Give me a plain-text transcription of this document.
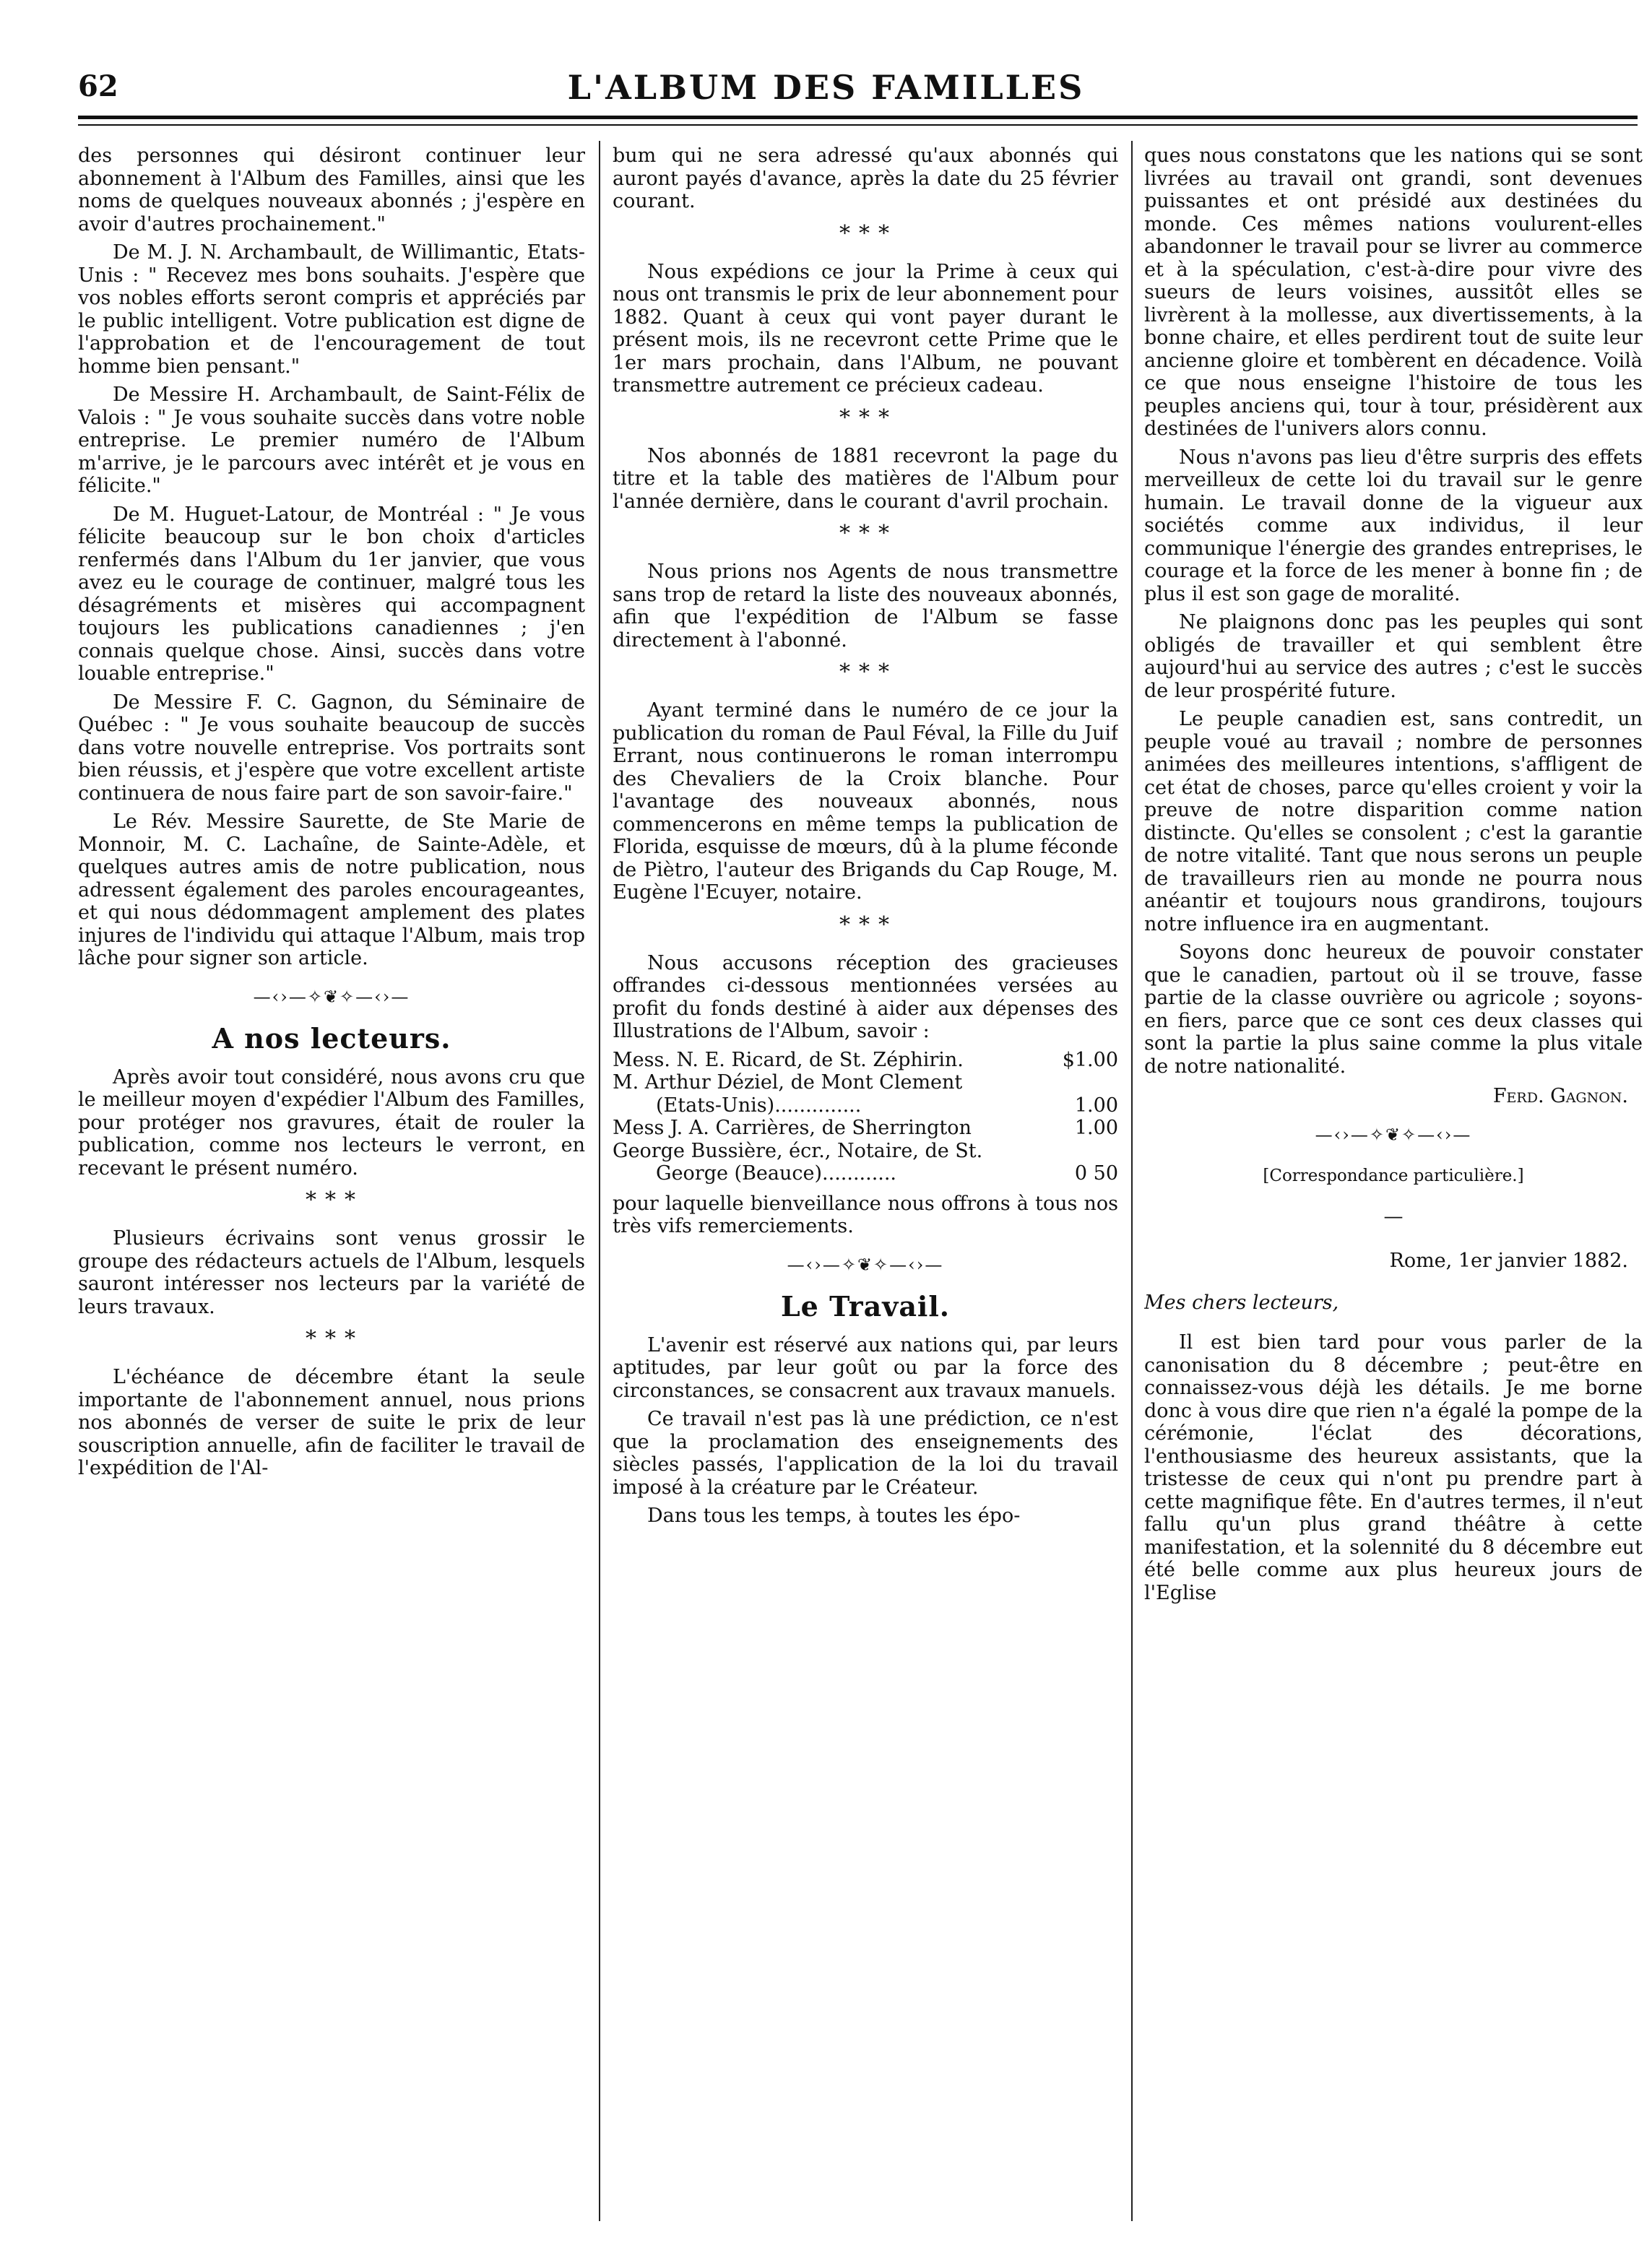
62	L'ALBUM DES FAMILLES

des personnes qui désiront continuer leur abonnement à l'Album des Familles, ainsi que les noms de quelques nouveaux abonnés ; j'espère en avoir d'autres prochainement."

De M. J. N. Archambault, de Willimantic, Etats-Unis : " Recevez mes bons souhaits. J'espère que vos nobles efforts seront compris et appréciés par le public intelligent. Votre publication est digne de l'approbation et de l'encouragement de tout homme bien pensant."

De Messire H. Archambault, de Saint-Félix de Valois : " Je vous souhaite succès dans votre noble entreprise. Le premier numéro de l'Album m'arrive, je le parcours avec intérêt et je vous en félicite."

De M. Huguet-Latour, de Montréal : " Je vous félicite beaucoup sur le bon choix d'articles renfermés dans l'Album du 1er janvier, que vous avez eu le courage de continuer, malgré tous les désagréments et misères qui accompagnent toujours les publications canadiennes ; j'en connais quelque chose. Ainsi, succès dans votre louable entreprise."

De Messire F. C. Gagnon, du Séminaire de Québec : " Je vous souhaite beaucoup de succès dans votre nouvelle entreprise. Vos portraits sont bien réussis, et j'espère que votre excellent artiste continuera de nous faire part de son savoir-faire."

Le Rév. Messire Saurette, de Ste Marie de Monnoir, M. C. Lachaîne, de Sainte-Adèle, et quelques autres amis de notre publication, nous adressent également des paroles encourageantes, et qui nous dédommagent amplement des plates injures de l'individu qui attaque l'Album, mais trop lâche pour signer son article.

—‹›—✧❦✧—‹›—
A nos lecteurs.

Après avoir tout considéré, nous avons cru que le meilleur moyen d'expédier l'Album des Familles, pour protéger nos gravures, était de rouler la publication, comme nos lecteurs le verront, en recevant le présent numéro.

* * *

Plusieurs écrivains sont venus grossir le groupe des rédacteurs actuels de l'Album, lesquels sauront intéresser nos lecteurs par la variété de leurs travaux.

* * *

L'échéance de décembre étant la seule importante de l'abonnement annuel, nous prions nos abonnés de verser de suite le prix de leur souscription annuelle, afin de faciliter le travail de l'expédition de l'Al-

bum qui ne sera adressé qu'aux abonnés qui auront payés d'avance, après la date du 25 février courant.

* * *

Nous expédions ce jour la Prime à ceux qui nous ont transmis le prix de leur abonnement pour 1882. Quant à ceux qui vont payer durant le présent mois, ils ne recevront cette Prime que le 1er mars prochain, dans l'Album, ne pouvant transmettre autrement ce précieux cadeau.

* * *

Nos abonnés de 1881 recevront la page du titre et la table des matières de l'Album pour l'année dernière, dans le courant d'avril prochain.

* * *

Nous prions nos Agents de nous transmettre sans trop de retard la liste des nouveaux abonnés, afin que l'expédition de l'Album se fasse directement à l'abonné.

* * *

Ayant terminé dans le numéro de ce jour la publication du roman de Paul Féval, la Fille du Juif Errant, nous continuerons le roman interrompu des Chevaliers de la Croix blanche. Pour l'avantage des nouveaux abonnés, nous commencerons en même temps la publication de Florida, esquisse de mœurs, dû à la plume féconde de Piètro, l'auteur des Brigands du Cap Rouge, M. Eugène l'Ecuyer, notaire.

* * *

Nous accusons réception des gracieuses offrandes ci-dessous mentionnées versées au profit du fonds destiné à aider aux dépenses des Illustrations de l'Album, savoir :

Mess. N. E. Ricard, de St. Zéphirin.	$1.00
M. Arthur Déziel, de Mont Clement
(Etats-Unis)..............	1.00
Mess J. A. Carrières, de Sherrington	1.00
George Bussière, écr., Notaire, de St.
George (Beauce)............	0 50

pour laquelle bienveillance nous offrons à tous nos très vifs remerciements.

—‹›—✧❦✧—‹›—
Le Travail.

L'avenir est réservé aux nations qui, par leurs aptitudes, par leur goût ou par la force des circonstances, se consacrent aux travaux manuels.

Ce travail n'est pas là une prédiction, ce n'est que la proclamation des enseignements des siècles passés, l'application de la loi du travail imposé à la créature par le Créateur.

Dans tous les temps, à toutes les épo-

ques nous constatons que les nations qui se sont livrées au travail ont grandi, sont devenues puissantes et ont présidé aux destinées du monde. Ces mêmes nations voulurent-elles abandonner le travail pour se livrer au commerce et à la spéculation, c'est-à-dire pour vivre des sueurs de leurs voisines, aussitôt elles se livrèrent à la mollesse, aux divertissements, à la bonne chaire, et elles perdirent tout de suite leur ancienne gloire et tombèrent en décadence. Voilà ce que nous enseigne l'histoire de tous les peuples anciens qui, tour à tour, présidèrent aux destinées de l'univers alors connu.

Nous n'avons pas lieu d'être surpris des effets merveilleux de cette loi du travail sur le genre humain. Le travail donne de la vigueur aux sociétés comme aux individus, il leur communique l'énergie des grandes entreprises, le courage et la force de les mener à bonne fin ; de plus il est son gage de moralité.

Ne plaignons donc pas les peuples qui sont obligés de travailler et qui semblent être aujourd'hui au service des autres ; c'est le succès de leur prospérité future.

Le peuple canadien est, sans contredit, un peuple voué au travail ; nombre de personnes animées des meilleures intentions, s'affligent de cet état de choses, parce qu'elles croient y voir la preuve de notre disparition comme nation distincte. Qu'elles se consolent ; c'est la garantie de notre vitalité. Tant que nous serons un peuple de travailleurs rien au monde ne pourra nous anéantir et toujours nous grandirons, toujours notre influence ira en augmentant.

Soyons donc heureux de pouvoir constater que le canadien, partout où il se trouve, fasse partie de la classe ouvrière ou agricole ; soyons-en fiers, parce que ce sont ces deux classes qui sont la partie la plus saine comme la plus vitale de notre nationalité.

Ferd. Gagnon.
—‹›—✧❦✧—‹›—
[Correspondance particulière.]
—
Rome, 1er janvier 1882.
Mes chers lecteurs,

Il est bien tard pour vous parler de la canonisation du 8 décembre ; peut-être en connaissez-vous déjà les détails. Je me borne donc à vous dire que rien n'a égalé la pompe de la cérémonie, l'éclat des décorations, l'enthousiasme des heureux assistants, que la tristesse de ceux qui n'ont pu prendre part à cette magnifique fête. En d'autres termes, il n'eut fallu qu'un plus grand théâtre à cette manifestation, et la solennité du 8 décembre eut été belle comme aux plus heureux jours de l'Eglise
